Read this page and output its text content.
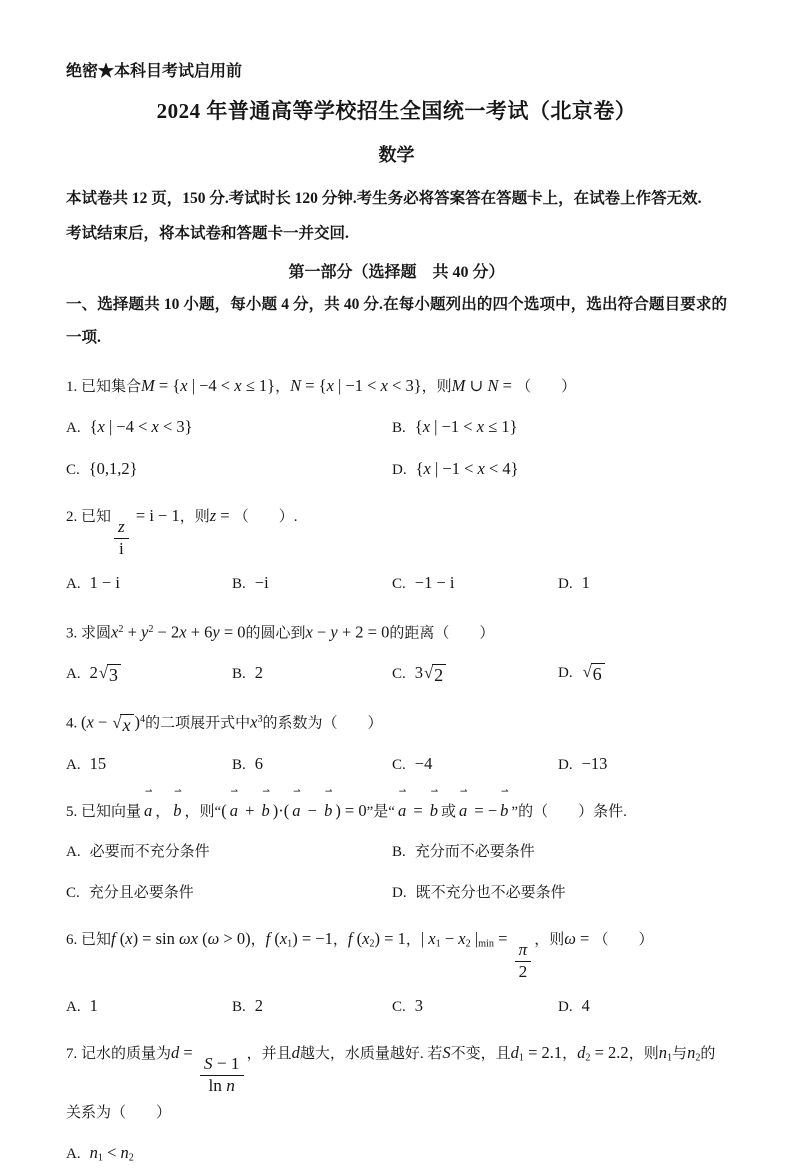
绝密★本科目考试启用前

2024 年普通高等学校招生全国统一考试（北京卷）
数学

本试卷共 12 页，150 分.考试时长 120 分钟.考生务必将答案答在答题卡上，在试卷上作答无效.

考试结束后，将本试卷和答题卡一并交回.

第一部分（选择题　共 40 分）

一、选择题共 10 小题，每小题 4 分，共 40 分.在每小题列出的四个选项中，选出符合题目要求的一项.

1. 已知集合M = {x | −4 < x ≤ 1}，N = {x | −1 < x < 3}，则M ∪ N = （　　）
A. {x | −4 < x < 3}	B. {x | −1 < x ≤ 1}
C. {0,1,2}	D. {x | −1 < x < 4}
2. 已知
$\frac{z}{i}$
= i − 1，则z = （　　）.
A. 1 − i	B. −i	C. −1 − i	D. 1
3. 求圆$x^2 + y^2 - 2x + 6y = 0$的圆心到x − y + 2 = 0的距离（　　）
A. 2 √ 3	B. 2	C. 3 √ 2	D. √ 6
4. (x − √ x )$^4$的二项展开式中$x^3$的系数为（　　）
A. 15	B. 6	C. −4	D. −13
5. 已知向量
⇀
a ，
⇀
b ，则“(
⇀
a +
⇀
b )·(
⇀
a −
⇀
b ) = 0”是“
⇀
a =
⇀
b 或
⇀
a = −
⇀
b ”的（　　）条件.
A. 必要而不充分条件	B. 充分而不必要条件
C. 充分且必要条件	D. 既不充分也不必要条件
6. 已知f (x) = sin ωx (ω > 0)，f $(x_1) = -1$，f $(x_2) = 1$，| $x_1 - x_2$ $|_{min}$ =
$\frac{\pi}{2}$
，则ω = （　　）
A. 1	B. 2	C. 3	D. 4
7. 记水的质量为d =
$\frac{S - 1}{\text{ln n}}$
，并且d越大，水质量越好. 若S不变，且$d_1 = 2.1$，$d_2 = 2.2$，则$n_1$与$n_2$的关系为（　　）
A. $n_1 < n_2$
